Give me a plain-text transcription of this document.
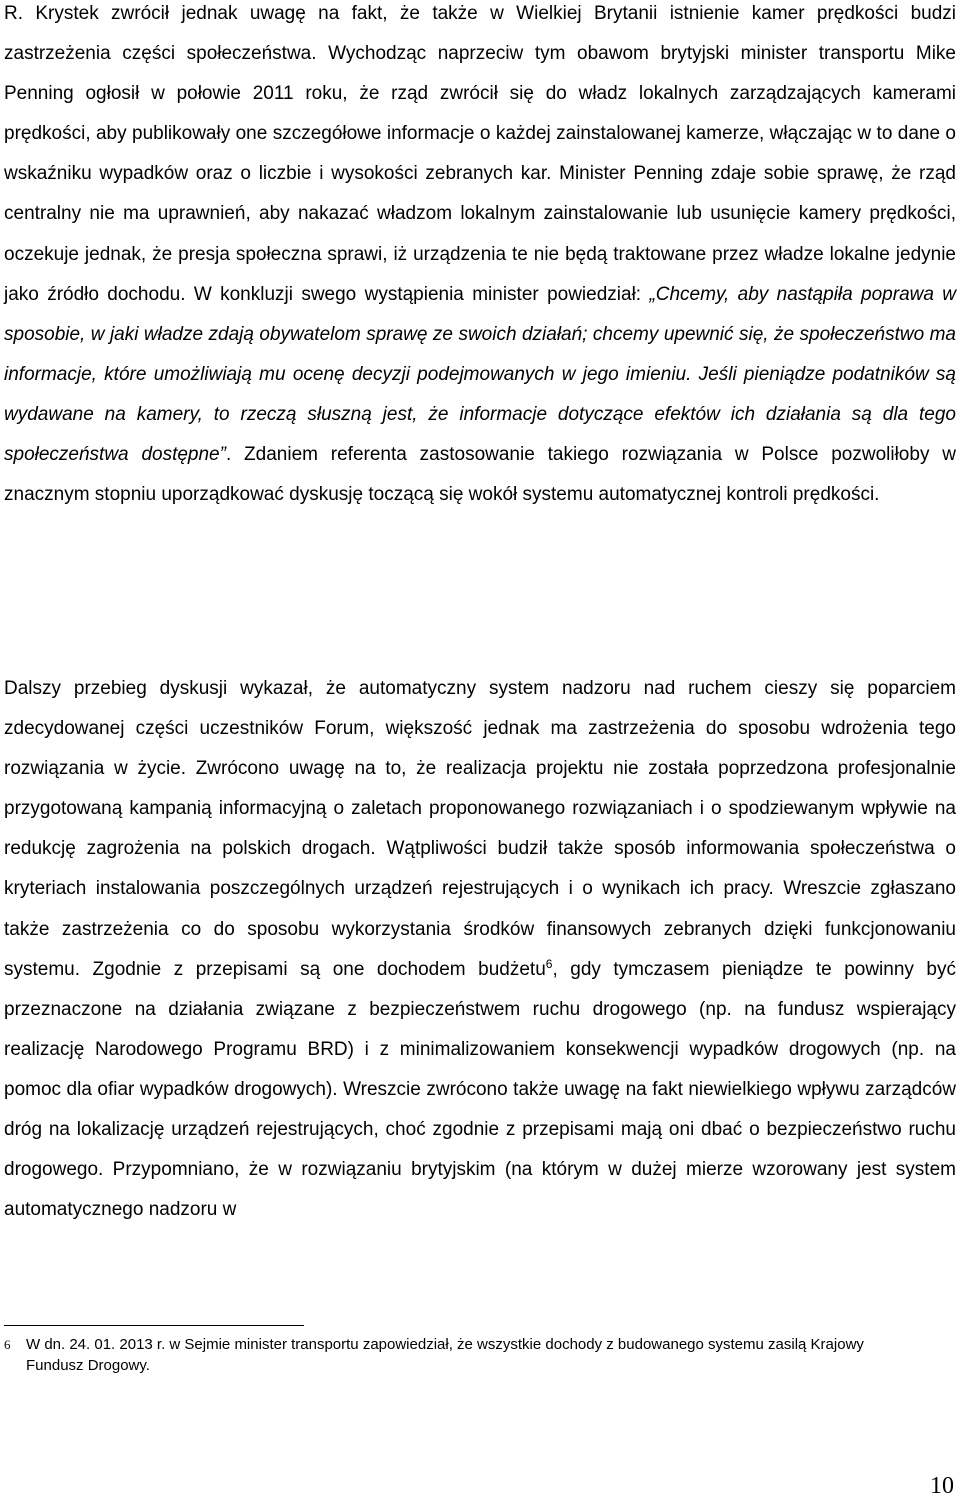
R. Krystek zwrócił jednak uwagę na fakt, że także w Wielkiej Brytanii istnienie kamer prędkości budzi zastrzeżenia części społeczeństwa. Wychodząc naprzeciw tym obawom brytyjski minister transportu Mike Penning ogłosił w połowie 2011 roku, że rząd zwrócił się do władz lokalnych zarządzających kamerami prędkości, aby publikowały one szczegółowe informacje o każdej zainstalowanej kamerze, włączając w to dane o wskaźniku wypadków oraz o liczbie i wysokości zebranych kar. Minister Penning zdaje sobie sprawę, że rząd centralny nie ma uprawnień, aby nakazać władzom lokalnym zainstalowanie lub usunięcie kamery prędkości, oczekuje jednak, że presja społeczna sprawi, iż urządzenia te nie będą traktowane przez władze lokalne jedynie jako źródło dochodu. W konkluzji swego wystąpienia minister powiedział: „Chcemy, aby nastąpiła poprawa w sposobie, w jaki władze zdają obywatelom sprawę ze swoich działań; chcemy upewnić się, że społeczeństwo ma informacje, które umożliwiają mu ocenę decyzji podejmowanych w jego imieniu. Jeśli pieniądze podatników są wydawane na kamery, to rzeczą słuszną jest, że informacje dotyczące efektów ich działania są dla tego społeczeństwa dostępne”. Zdaniem referenta zastosowanie takiego rozwiązania w Polsce pozwoliłoby w znacznym stopniu uporządkować dyskusję toczącą się wokół systemu automatycznej kontroli prędkości.

Dalszy przebieg dyskusji wykazał, że automatyczny system nadzoru nad ruchem cieszy się poparciem zdecydowanej części uczestników Forum, większość jednak ma zastrzeżenia do sposobu wdrożenia tego rozwiązania w życie. Zwrócono uwagę na to, że realizacja projektu nie została poprzedzona profesjonalnie przygotowaną kampanią informacyjną o zaletach proponowanego rozwiązaniach i o spodziewanym wpływie na redukcję zagrożenia na polskich drogach. Wątpliwości budził także sposób informowania społeczeństwa o kryteriach instalowania poszczególnych urządzeń rejestrujących i o wynikach ich pracy. Wreszcie zgłaszano także zastrzeżenia co do sposobu wykorzystania środków finansowych zebranych dzięki funkcjonowaniu systemu. Zgodnie z przepisami są one dochodem budżetu$^6$, gdy tymczasem pieniądze te powinny być przeznaczone na działania związane z bezpieczeństwem ruchu drogowego (np. na fundusz wspierający realizację Narodowego Programu BRD) i z minimalizowaniem konsekwencji wypadków drogowych (np. na pomoc dla ofiar wypadków drogowych). Wreszcie zwrócono także uwagę na fakt niewielkiego wpływu zarządców dróg na lokalizację urządzeń rejestrujących, choć zgodnie z przepisami mają oni dbać o bezpieczeństwo ruchu drogowego. Przypomniano, że w rozwiązaniu brytyjskim (na którym w dużej mierze wzorowany jest system automatycznego nadzoru w

6	W dn. 24. 01. 2013 r. w Sejmie minister transportu zapowiedział, że wszystkie dochody z budowanego systemu zasilą Krajowy Fundusz Drogowy.
10
